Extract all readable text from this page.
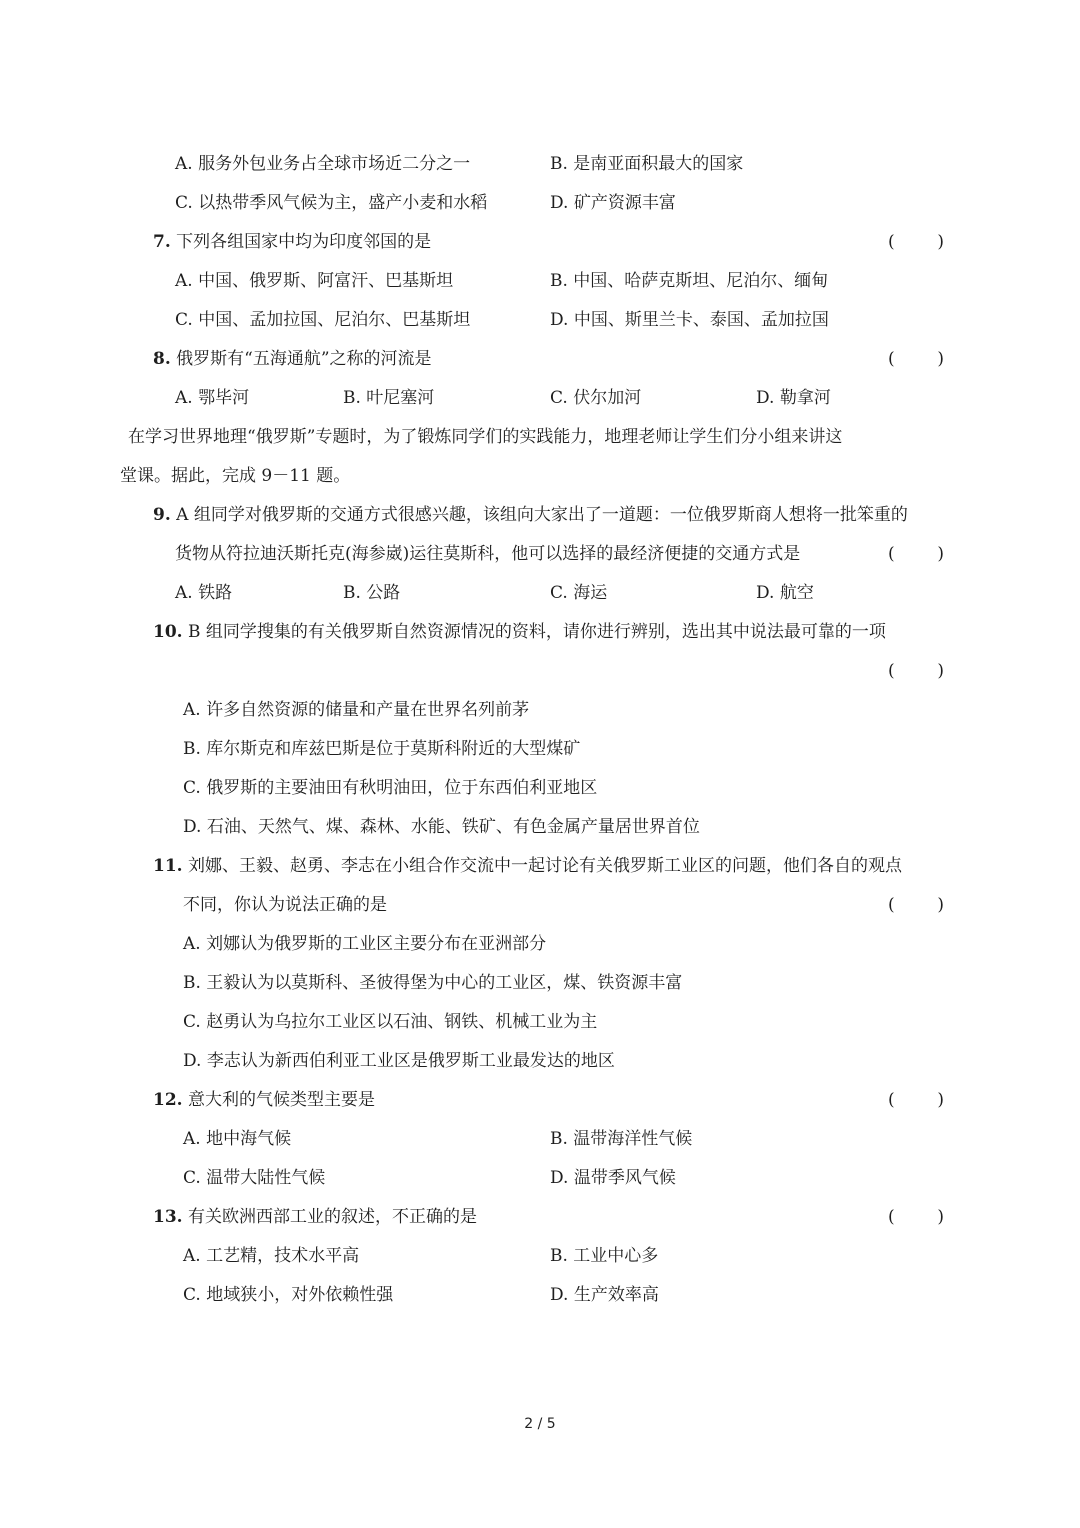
A. 服务外包业务占全球市场近二分之一	B. 是南亚面积最大的国家
C. 以热带季风气候为主，盛产小麦和水稻	D. 矿产资源丰富
7. 下列各组国家中均为印度邻国的是	(	)
A. 中国、俄罗斯、阿富汗、巴基斯坦	B. 中国、哈萨克斯坦、尼泊尔、缅甸
C. 中国、孟加拉国、尼泊尔、巴基斯坦	D. 中国、斯里兰卡、泰国、孟加拉国
8. 俄罗斯有“五海通航”之称的河流是	(	)
A. 鄂毕河	B. 叶尼塞河	C. 伏尔加河	D. 勒拿河
在学习世界地理“俄罗斯”专题时，为了锻炼同学们的实践能力，地理老师让学生们分小组来讲这
堂课。据此，完成 9－11 题。
9. A 组同学对俄罗斯的交通方式很感兴趣，该组向大家出了一道题：一位俄罗斯商人想将一批笨重的
货物从符拉迪沃斯托克(海参崴)运往莫斯科，他可以选择的最经济便捷的交通方式是	(	)
A. 铁路	B. 公路	C. 海运	D. 航空
10. B 组同学搜集的有关俄罗斯自然资源情况的资料，请你进行辨别，选出其中说法最可靠的一项
(	)
A. 许多自然资源的储量和产量在世界名列前茅
B. 库尔斯克和库兹巴斯是位于莫斯科附近的大型煤矿
C. 俄罗斯的主要油田有秋明油田，位于东西伯利亚地区
D. 石油、天然气、煤、森林、水能、铁矿、有色金属产量居世界首位
11. 刘娜、王毅、赵勇、李志在小组合作交流中一起讨论有关俄罗斯工业区的问题，他们各自的观点
不同，你认为说法正确的是	(	)
A. 刘娜认为俄罗斯的工业区主要分布在亚洲部分
B. 王毅认为以莫斯科、圣彼得堡为中心的工业区，煤、铁资源丰富
C. 赵勇认为乌拉尔工业区以石油、钢铁、机械工业为主
D. 李志认为新西伯利亚工业区是俄罗斯工业最发达的地区
12. 意大利的气候类型主要是	(	)
A. 地中海气候	B. 温带海洋性气候
C. 温带大陆性气候	D. 温带季风气候
13. 有关欧洲西部工业的叙述，不正确的是	(	)
A. 工艺精，技术水平高	B. 工业中心多
C. 地域狭小，对外依赖性强	D. 生产效率高
2 / 5
